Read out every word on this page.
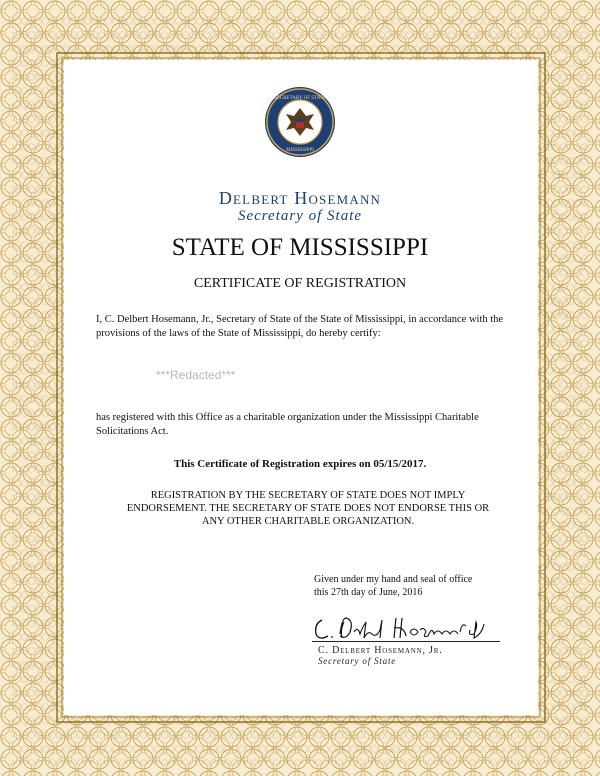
SECRETARY OF STATE
MISSISSIPPI
Delbert Hosemann
Secretary of State
STATE OF MISSISSIPPI
CERTIFICATE OF REGISTRATION
I, C. Delbert Hosemann, Jr., Secretary of State of the State of Mississippi, in accordance with the provisions of the laws of the State of Mississippi, do hereby certify:
***Redacted***
has registered with this Office as a charitable organization under the Mississippi Charitable Solicitations Act.
This Certificate of Registration expires on 05/15/2017.
REGISTRATION BY THE SECRETARY OF STATE DOES NOT IMPLY ENDORSEMENT. THE SECRETARY OF STATE DOES NOT ENDORSE THIS OR ANY OTHER CHARITABLE ORGANIZATION.
Given under my hand and seal of office
this 27th day of June, 2016
C. Delbert Hosemann, Jr.
Secretary of State
